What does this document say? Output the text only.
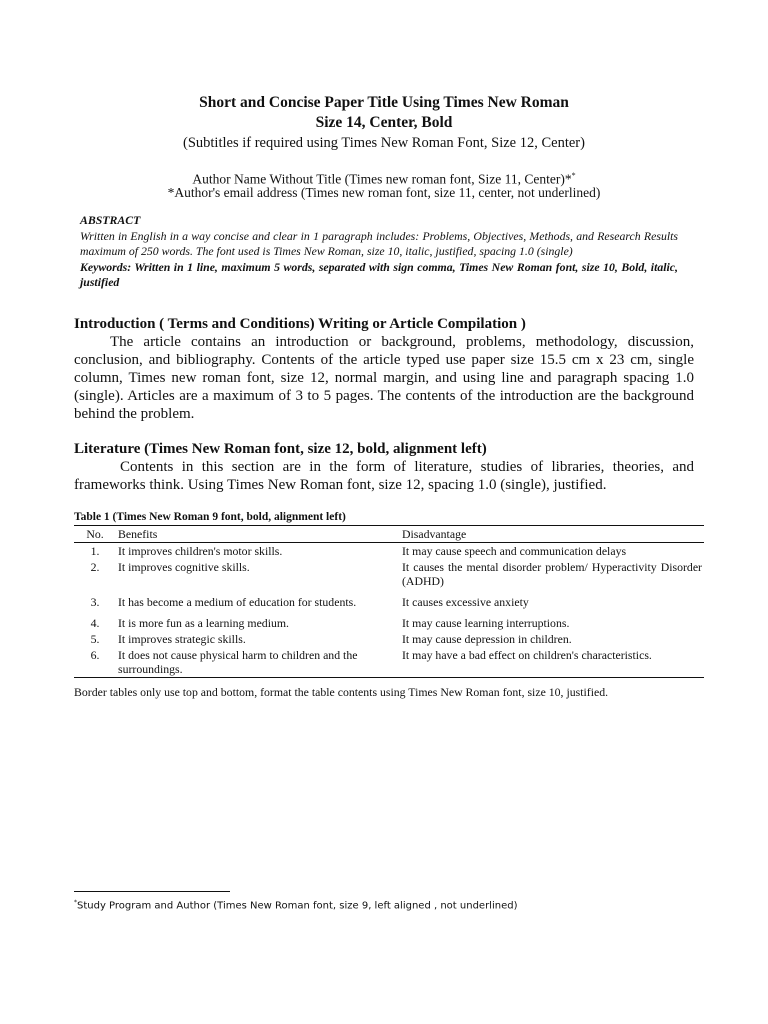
Short and Concise Paper Title Using Times New Roman
Size 14, Center, Bold
(Subtitles if required using Times New Roman Font, Size 12, Center)
Author Name Without Title (Times new roman font, Size 11, Center)**
*Author's email address (Times new roman font, size 11, center, not underlined)
ABSTRACT
Written in English in a way concise and clear in 1 paragraph includes: Problems, Objectives, Methods, and Research Results maximum of 250 words. The font used is Times New Roman, size 10, italic, justified, spacing 1.0 (single)
Keywords: Written in 1 line, maximum 5 words, separated with sign comma, Times New Roman font, size 10, Bold, italic, justified
Introduction ( Terms and Conditions) Writing or Article Compilation )
The article contains an introduction or background, problems, methodology, discussion, conclusion, and bibliography. Contents of the article typed use paper size 15.5 cm x 23 cm, single column, Times new roman font, size 12, normal margin, and using line and paragraph spacing 1.0 (single). Articles are a maximum of 3 to 5 pages. The contents of the introduction are the background behind the problem.
Literature (Times New Roman font, size 12, bold, alignment left)
Contents in this section are in the form of literature, studies of libraries, theories, and frameworks think. Using Times New Roman font, size 12, spacing 1.0 (single), justified.
Table 1 (Times New Roman 9 font, bold, alignment left)
No.	Benefits	Disadvantage
1.	It improves children's motor skills.	It may cause speech and communication delays
2.	It improves cognitive skills.	It causes the mental disorder problem/ Hyperactivity Disorder (ADHD)
3.	It has become a medium of education for students.	It causes excessive anxiety
4.	It is more fun as a learning medium.	It may cause learning interruptions.
5.	It improves strategic skills.	It may cause depression in children.
6.	It does not cause physical harm to children and the surroundings.	It may have a bad effect on children's characteristics.
Border tables only use top and bottom, format the table contents using Times New Roman font, size 10, justified.
*Study Program and Author (Times New Roman font, size 9, left aligned , not underlined)
